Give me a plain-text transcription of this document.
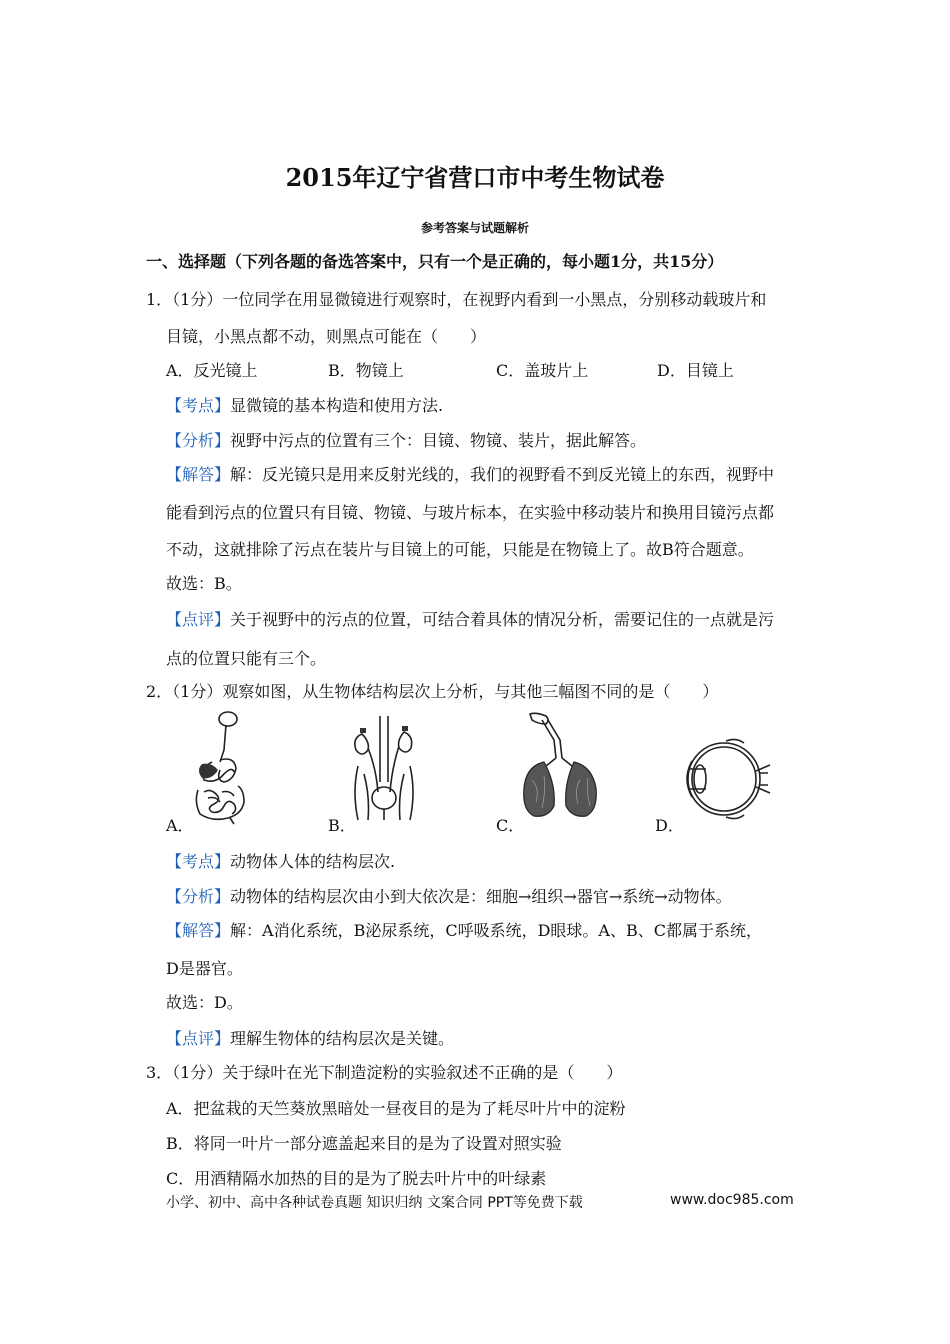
2015年辽宁省营口市中考生物试卷
参考答案与试题解析
一、选择题（下列各题的备选答案中，只有一个是正确的，每小题1分，共15分）
1．（1分）一位同学在用显微镜进行观察时，在视野内看到一小黑点，分别移动载玻片和
目镜，小黑点都不动，则黑点可能在（　　）
A．反光镜上	B．物镜上	C．盖玻片上	D．目镜上
【考点】显微镜的基本构造和使用方法.
【分析】视野中污点的位置有三个：目镜、物镜、装片，据此解答。
【解答】解：反光镜只是用来反射光线的，我们的视野看不到反光镜上的东西，视野中
能看到污点的位置只有目镜、物镜、与玻片标本，在实验中移动装片和换用目镜污点都
不动，这就排除了污点在装片与目镜上的可能，只能是在物镜上了。故B符合题意。
故选：B。
【点评】关于视野中的污点的位置，可结合着具体的情况分析，需要记住的一点就是污
点的位置只能有三个。
2．（1分）观察如图，从生物体结构层次上分析，与其他三幅图不同的是（　　）
A．	B．	C．	D．
【考点】动物体人体的结构层次.
【分析】动物体的结构层次由小到大依次是：细胞→组织→器官→系统→动物体。
【解答】解：A消化系统，B泌尿系统，C呼吸系统，D眼球。A、B、C都属于系统，
D是器官。
故选：D。
【点评】理解生物体的结构层次是关键。
3．（1分）关于绿叶在光下制造淀粉的实验叙述不正确的是（　　）
A．把盆栽的天竺葵放黑暗处一昼夜目的是为了耗尽叶片中的淀粉
B．将同一叶片一部分遮盖起来目的是为了设置对照实验
C．用酒精隔水加热的目的是为了脱去叶片中的叶绿素
小学、初中、高中各种试卷真题 知识归纳 文案合同 PPT等免费下载	www.doc985.com
